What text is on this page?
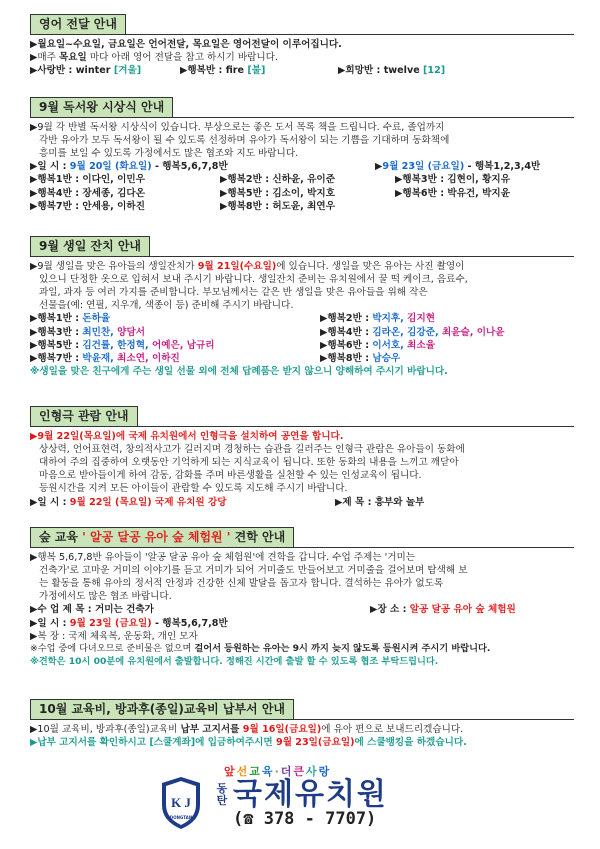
영어 전달 안내
▶월요일~수요일, 금요일은 언어전달, 목요일은 영어전달이 이루어집니다.
▶매주 목요일 마다 아래 영어 전달을 참고 하시기 바랍니다.
▶사랑반 : winter [겨울]	▶행복반 : fire [불]	▶희망반 : twelve [12]
9월 독서왕 시상식 안내
▶9월 각 반별 독서왕 시상식이 있습니다. 부상으로는 좋은 도서 목록 책을 드립니다. 수료, 졸업까지
각반 유아가 모두 독서왕이 될 수 있도록 선정하며 유아가 독서왕이 되는 기쁨을 기대하며 동화책에
흥미를 보일 수 있도록 가정에서도 많은 협조와 지도 바랍니다.
▶일 시 : 9월 20일 (화요일) - 행복5,6,7,8반	▶9월 23일 (금요일) - 행복1,2,3,4반
▶행복1반 : 이다인, 이민우	▶행복2반 : 신하윤, 유이준	▶행복3반 : 김현이, 황지유
▶행복4반 : 장세종, 김다온	▶행복5반 : 김소이, 박지호	▶행복6반 : 박유건, 박지윤
▶행복7반 : 안세용, 이하진	▶행복8반 : 허도윤, 최연우
9월 생일 잔치 안내
▶9월 생일을 맞은 유아들의 생일잔치가 9월 21일(수요일)에 있습니다. 생일을 맞은 유아는 사진 촬영이
있으니 단정한 옷으로 입혀서 보내 주시기 바랍니다. 생일잔치 준비는 유치원에서 꿀 떡 케이크, 음료수,
과일, 과자 등 여러 가지를 준비합니다. 부모님께서는 같은 반 생일을 맞은 유아들을 위해 작은
선물을(예: 연필, 지우개, 색종이 등) 준비해 주시기 바랍니다.
▶행복1반 : 돈하율	▶행복2반 : 박지후, 김지현
▶행복3반 : 최민찬, 양담서	▶행복4반 : 김라온, 김강준, 최윤슬, 이나윤
▶행복5반 : 김건률, 한정혁, 어예은, 남규리	▶행복6반 : 이서호, 최소율
▶행복7반 : 박윤재, 최소연, 이하진	▶행복8반 : 남승우
※생일을 맞은 친구에게 주는 생일 선물 외에 전체 답례품은 받지 않으니 양해하여 주시기 바랍니다.
인형극 관람 안내
▶9월 22일(목요일)에 국제 유치원에서 인형극을 설치하여 공연을 합니다.
상상력, 언어표현력, 창의적사고가 길러지며 경청하는 습관을 길러주는 인형극 관람은 유아들이 동화에
대하여 주의 집중하여 오랫동안 기억하게 되는 지식교육이 됩니다. 또한 동화의 내용을 느끼고 깨닫아
마음으로 받아들이게 하여 감동, 감화를 주며 바른생활을 실천할 수 있는 인성교육이 됩니다.
등원시간을 지켜 모든 아이들이 관람할 수 있도록 지도해 주시기 바랍니다.
▶일 시 : 9월 22일 (목요일) 국제 유치원 강당	▶제 목 : 흥부와 놀부
숲 교육 ' 알공 달공 유아 숲 체험원 ' 견학 안내
▶행복 5,6,7,8반 유아들이 '알공 달공 유아 숲 체험원'에 견학을 갑니다. 수업 주제는 '거미는
건축가'로 고마운 거미의 이야기를 듣고 거미가 되어 거미줄도 만들어보고 거미줄을 걸어보며 탐색해 보
는 활동을 통해 유아의 정서적 안정과 건강한 신체 발달을 돕고자 합니다. 결석하는 유아가 없도록
가정에서도 많은 협조 바랍니다.
▶수 업 제 목 : 거미는 건축가	▶장 소 : 알공 달공 유아 숲 체험원
▶일 시 : 9월 23일 (금요일) - 행복5,6,7,8반
▶복 장 : 국제 체육복, 운동화, 개인 모자
※수업 중에 다녀오므로 준비물은 없으며 걸어서 등원하는 유아는 9시 까지 늦지 않도록 등원시켜 주시기 바랍니다.
※견학은 10시 00분에 유치원에서 출발합니다. 정해진 시간에 출발 할 수 있도록 협조 부탁드립니다.
10월 교육비, 방과후(종일)교육비 납부서 안내
▶10월 교육비, 방과후(종일)교육비 납부 고지서를 9월 16일(금요일)에 유아 편으로 보내드리겠습니다.
▶납부 고지서를 확인하시고 [스쿨계좌]에 입금하여주시면 9월 23일(금요일)에 스쿨뱅킹을 하겠습니다.
앞선교육·더큰사랑
K J
DONGTAN
동탄 국제유치원
(☎ 378 - 7707)
